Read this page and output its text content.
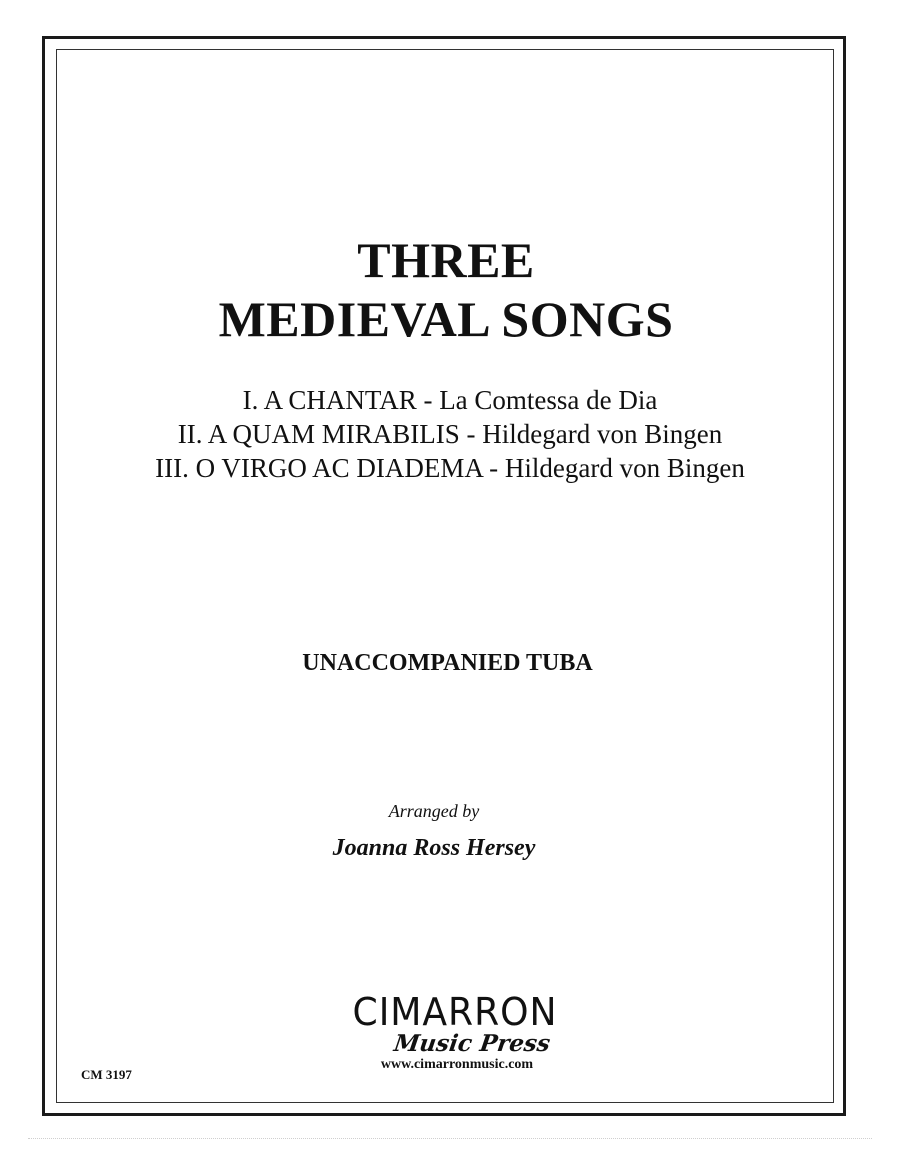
THREE
MEDIEVAL SONGS
I. A CHANTAR - La Comtessa de Dia
II. A QUAM MIRABILIS - Hildegard von Bingen
III. O VIRGO AC DIADEMA - Hildegard von Bingen
UNACCOMPANIED TUBA
Arranged by
Joanna Ross Hersey
CIMARRON
Music Press
www.cimarronmusic.com
CM 3197
